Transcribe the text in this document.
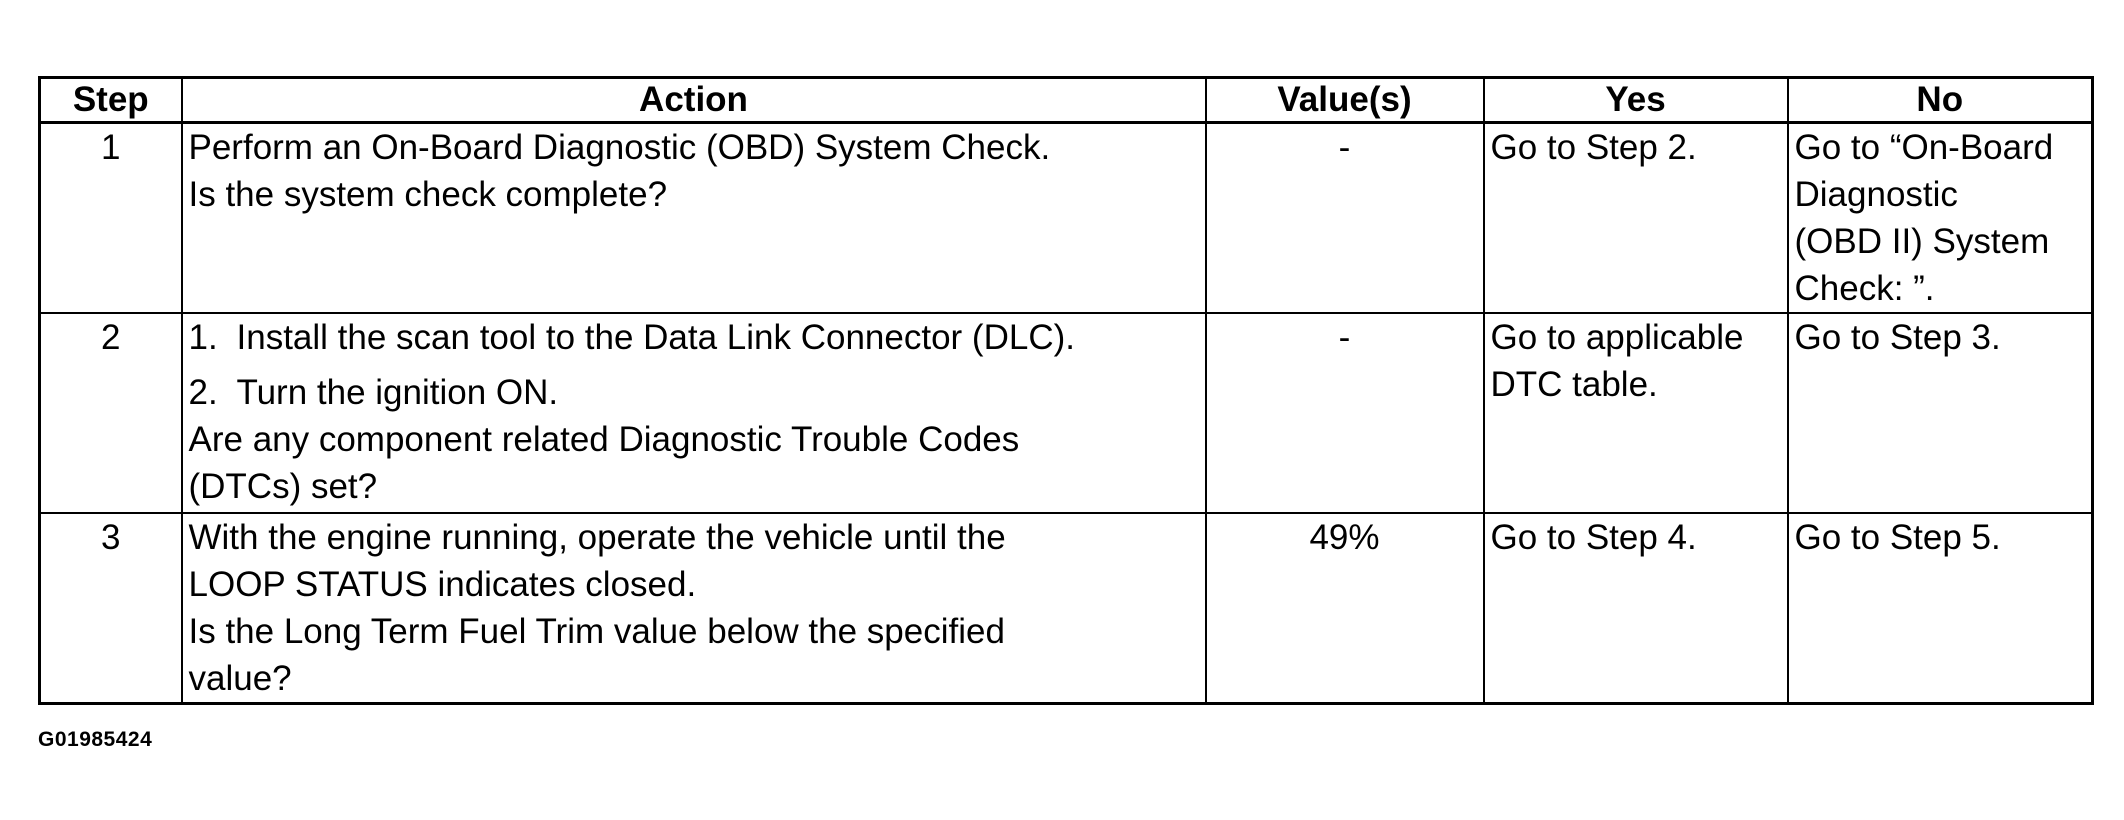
Step	Action	Value(s)	Yes	No
1	Perform an On-Board Diagnostic (OBD) System Check.
Is the system check complete?	-	Go to Step 2.	Go to “On-Board
Diagnostic
(OBD II) System
Check: ”.

2	1. Install the scan tool to the Data Link Connector (DLC).
2. Turn the ignition ON.
Are any component related Diagnostic Trouble Codes
(DTCs) set?	-	Go to applicable
DTC table.	Go to Step 3.

3	With the engine running, operate the vehicle until the
LOOP STATUS indicates closed.
Is the Long Term Fuel Trim value below the specified
value?	49%	Go to Step 4.	Go to Step 5.
G01985424
